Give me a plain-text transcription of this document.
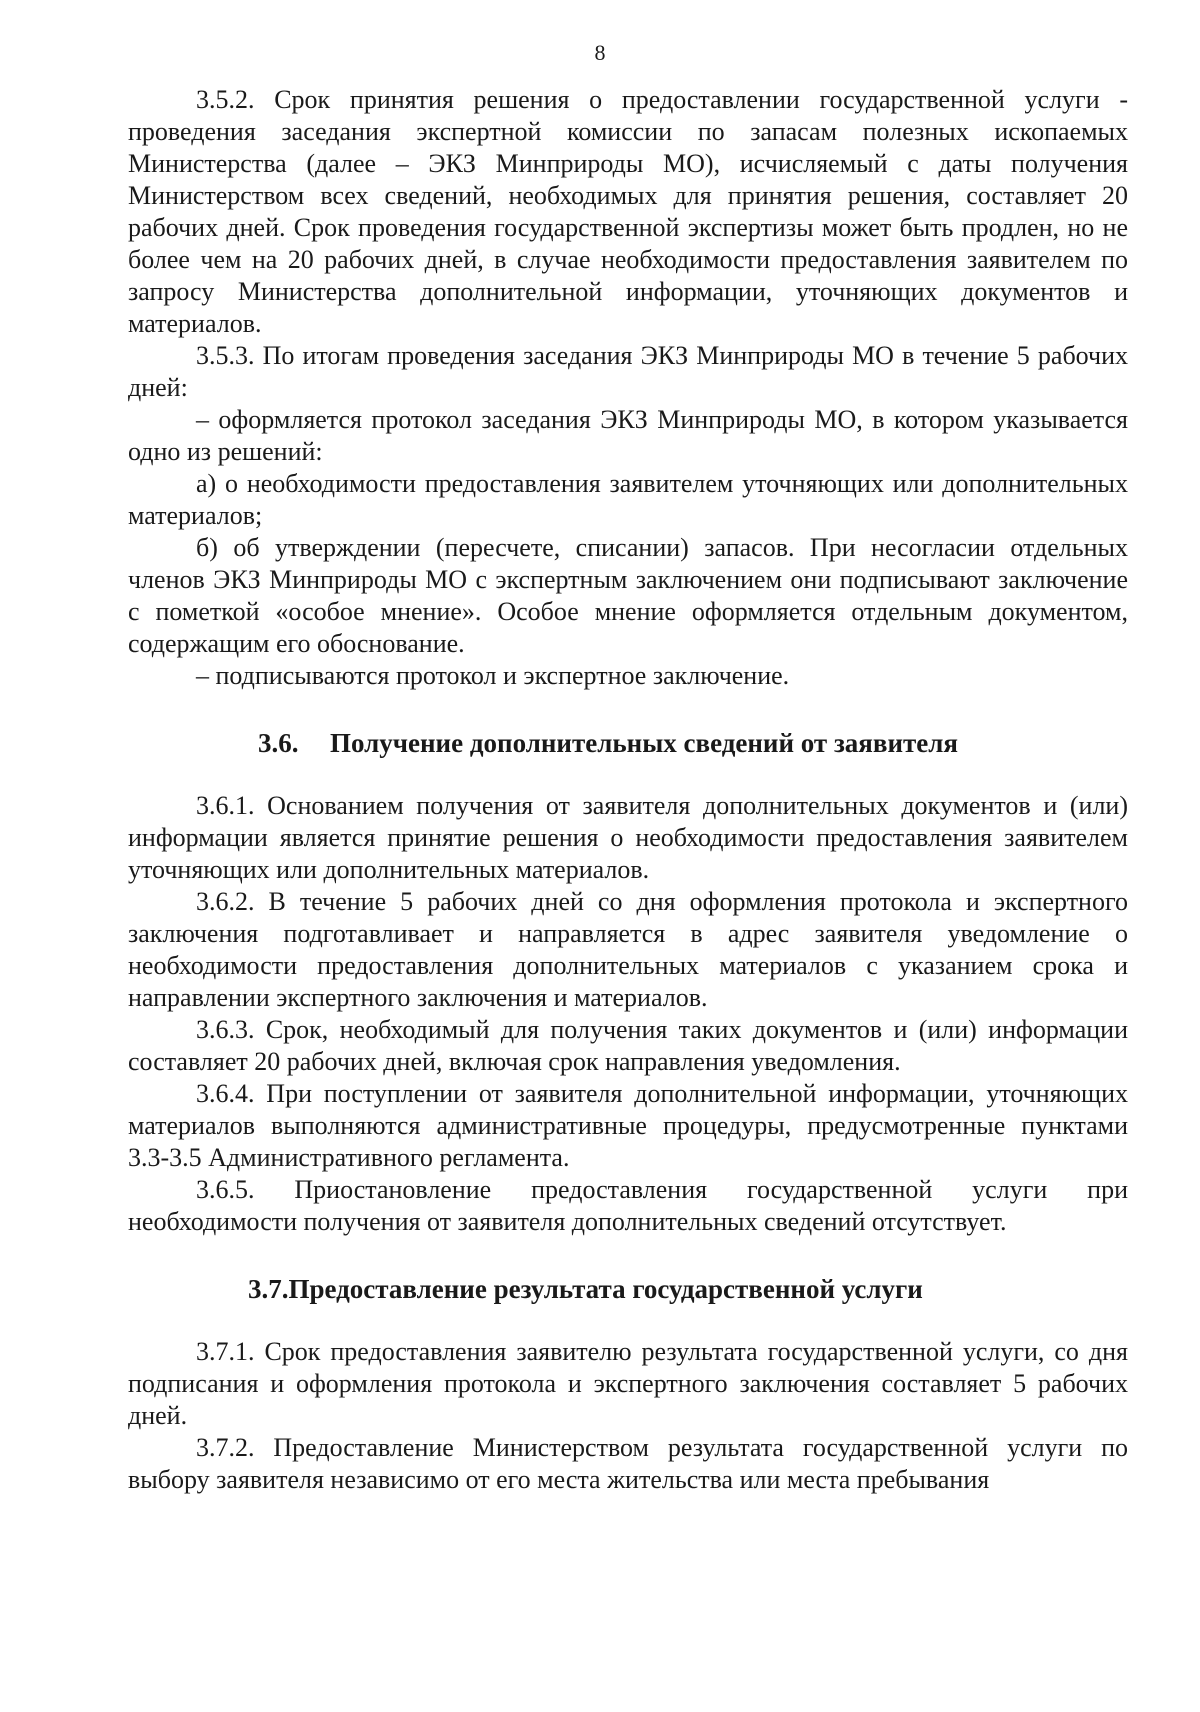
8

3.5.2. Срок принятия решения о предоставлении государственной услуги - проведения заседания экспертной комиссии по запасам полезных ископаемых Министерства (далее – ЭКЗ Минприроды МО), исчисляемый с даты получения Министерством всех сведений, необходимых для принятия решения, составляет 20 рабочих дней. Срок проведения государственной экспертизы может быть продлен, но не более чем на 20 рабочих дней, в случае необходимости предоставления заявителем по запросу Министерства дополнительной информации, уточняющих документов и материалов.

3.5.3. По итогам проведения заседания ЭКЗ Минприроды МО в течение 5 рабочих дней:

– оформляется протокол заседания ЭКЗ Минприроды МО, в котором указывается одно из решений:

а) о необходимости предоставления заявителем уточняющих или дополнительных материалов;

б) об утверждении (пересчете, списании) запасов. При несогласии отдельных членов ЭКЗ Минприроды МО с экспертным заключением они подписывают заключение с пометкой «особое мнение». Особое мнение оформляется отдельным документом, содержащим его обоснование.

– подписываются протокол и экспертное заключение.

3.6. Получение дополнительных сведений от заявителя

3.6.1. Основанием получения от заявителя дополнительных документов и (или) информации является принятие решения о необходимости предоставления заявителем уточняющих или дополнительных материалов.

3.6.2. В течение 5 рабочих дней со дня оформления протокола и экспертного заключения подготавливает и направляется в адрес заявителя уведомление о необходимости предоставления дополнительных материалов с указанием срока и направлении экспертного заключения и материалов.

3.6.3. Срок, необходимый для получения таких документов и (или) информации составляет 20 рабочих дней, включая срок направления уведомления.

3.6.4. При поступлении от заявителя дополнительной информации, уточняющих материалов выполняются административные процедуры, предусмотренные пунктами 3.3-3.5 Административного регламента.

3.6.5. Приостановление предоставления государственной услуги при необходимости получения от заявителя дополнительных сведений отсутствует.

3.7.Предоставление результата государственной услуги

3.7.1. Срок предоставления заявителю результата государственной услуги, со дня подписания и оформления протокола и экспертного заключения составляет 5 рабочих дней.

3.7.2. Предоставление Министерством результата государственной услуги по выбору заявителя независимо от его места жительства или места пребывания
